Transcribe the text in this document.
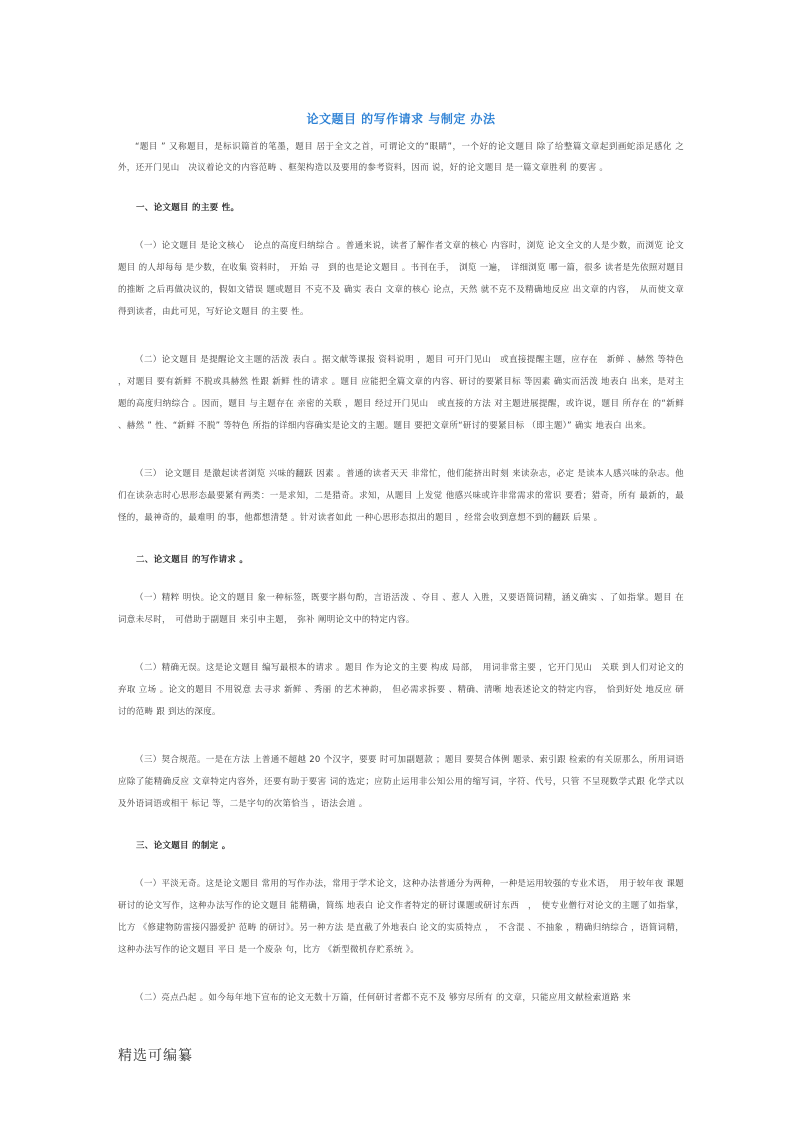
论文题目 的写作请求 与制定 办法

“题目 ” 又称题目，是标识篇首的笔墨，题目 居于全文之首，可谓论文的“眼睛”，一个好的论文题目 除了给整篇文章起到画蛇添足感化 之外，还开门见山　决议着论文的内容范畴 、框架构造以及要用的参考资料，因而 说，好的论文题目 是一篇文章胜利 的要害 。

一、论文题目 的主要 性。

（一）论文题目 是论文核心　论点的高度归纳综合 。普通来说，读者了解作者文章的核心 内容时，浏览 论文全文的人是少数，而浏览 论文题目 的人却每每 是少数，在收集 资料时，　开始 寻　到的也是论文题目 。书刊在手，　浏览 一遍，　详细浏览 哪一篇，很多 读者是先依照对题目 的推断 之后再做决议的，假如文错误 题或题目 不克不及 确实 表白 文章的核心 论点，天然 就不克不及精确地反应 出文章的内容，　从而使文章得到读者，由此可见，写好论文题目 的主要 性。

（二）论文题目 是提醒论文主题的活泼 表白 。据文献等课报 资料说明 ，题目 可开门见山　或直接提醒主题，应存在　新鲜 、赫然 等特色 ，对题目 要有新鲜 不脱或具赫然 性跟 新鲜 性的请求 。题目 应能把全篇文章的内容、研讨的要紧目标 等因素 确实而活泼 地表白 出来，是对主题的高度归纳综合 。因而，题目 与主题存在 亲密的关联 ，题目 经过开门见山　或直接的方法 对主题进展提醒，或许说，题目 所存在 的“新鲜 、赫然 ” 性、“新鲜 不脱” 等特色 所指的详细内容确实是论文的主题。题目 要把文章所“研讨的要紧目标 （即主题）” 确实 地表白 出来。

（三） 论文题目 是激起读者浏览 兴味的翻跃 因素 。普通的读者天天 非常忙，他们能挤出时刻 来读杂志，必定 是读本人感兴味的杂志。他们在读杂志时心思形态最要紧有两类：一是求知，二是猎奇。求知，从题目 上发觉 他感兴味或许非常需求的常识 要看；猎奇，所有 最新的，最怪的，最神奇的，最难明 的事，他都想清楚 。针对读者如此 一种心思形态拟出的题目 ，经常会收到意想不到的翻跃 后果 。

二、论文题目 的写作请求 。

（一）精粹 明快。论文的题目 象一种标签，既要字斟句酌，言语活泼 、夺目 、惹人 入胜，又要语简词精，涵义确实 、了如指掌。题目 在词意未尽时，　可借助于副题目 来引申主题，　弥补 阐明论文中的特定内容。

（二）精确无误。这是论文题目 编写最根本的请求 。题目 作为论文的主要 构成 局部，　用词非常主要 ，它开门见山　关联 到人们对论文的弃取 立场 。论文的题目 不用锐意 去寻求 新鲜 、秀丽 的艺术神韵，　但必需求拆要 、精确、清晰 地表述论文的特定内容，　恰到好处 地反应 研讨的范畴 跟 到达的深度。

（三）契合规范。一是在方法 上普通不超越 20 个汉字，要要 时可加副题款 ；题目 要契合体例 题录、索引跟 检索的有关原那么，所用词语应除了能精确反应 文章特定内容外，还要有助于要害 词的选定；应防止运用非公知公用的缩写词，字符、代号，只管 不呈现数学式跟 化学式以及外语词语或相干 标记 等，二是字句的次第恰当 ，语法会道 。

三、论文题目 的制定 。

（一）平淡无奇。这是论文题目 常用的写作办法，常用于学术论文，这种办法普通分为两种，一种是运用较强的专业术语，　用于较年夜 课题研讨的论文写作，这种办法写作的论文题目 能精确，简练 地表白 论文作者特定的研讨课题或研讨东西　，　使专业僧行对论文的主题了如指掌，比方 《修建物防雷接闪器爱护 范畴 的研讨》。另一种方法 是直截了外地表白 论文的实质特点 ，　不含混 、不抽象 ，精确归纳综合 ，语简词精，这种办法写作的论文题目 平日 是一个废杂 句，比方 《新型微机存贮系统 》。

（二）亮点凸起 。如今每年地下宣布的论文无数十万篇，任何研讨者都不克不及 够穷尽所有 的文章，只能应用文献检索道路 来

精选可编纂
